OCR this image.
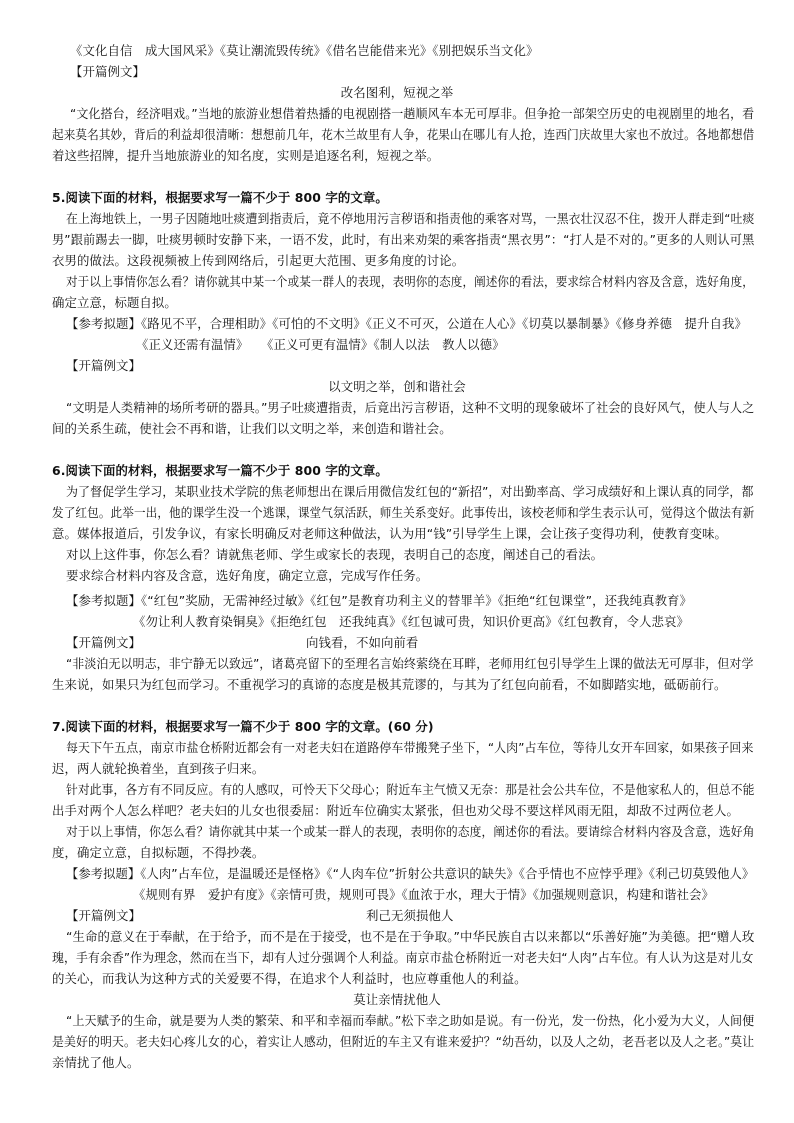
《文化自信　成大国风采》《莫让潮流毁传统》《借名岂能借来光》《别把娱乐当文化》
【开篇例文】
改名图利，短视之举
“文化搭台，经济唱戏。”当地的旅游业想借着热播的电视剧搭一趟顺风车本无可厚非。但争抢一部架空历史的电视剧里的地名，看
起来莫名其妙，背后的利益却很清晰：想想前几年，花木兰故里有人争，花果山在哪儿有人抢，连西门庆故里大家也不放过。各地都想借
着这些招牌，提升当地旅游业的知名度，实则是追逐名利，短视之举。
5.阅读下面的材料，根据要求写一篇不少于 800 字的文章。
在上海地铁上，一男子因随地吐痰遭到指责后，竟不停地用污言秽语和指责他的乘客对骂，一黑衣壮汉忍不住，拨开人群走到“吐痰
男”跟前踢去一脚，吐痰男顿时安静下来，一语不发，此时，有出来劝架的乘客指责“黑衣男”：“打人是不对的。”更多的人则认可黑
衣男的做法。这段视频被上传到网络后，引起更大范围、更多角度的讨论。
对于以上事情你怎么看？请你就其中某一个或某一群人的表现，表明你的态度，阐述你的看法，要求综合材料内容及含意，选好角度，
确定立意，标题自拟。
【参考拟题】《路见不平，合理相助》《可怕的不文明》《正义不可灭，公道在人心》《切莫以暴制暴》《修身养德　提升自我》
《正义还需有温情》　　《正义可更有温情》《制人以法　教人以德》
【开篇例文】
以文明之举，创和谐社会
“文明是人类精神的场所考研的器具。”男子吐痰遭指责，后竟出污言秽语，这种不文明的现象破坏了社会的良好风气，使人与人之
间的关系生疏，使社会不再和谐，让我们以文明之举，来创造和谐社会。
6.阅读下面的材料，根据要求写一篇不少于 800 字的文章。
为了督促学生学习，某职业技术学院的焦老师想出在课后用微信发红包的“新招”，对出勤率高、学习成绩好和上课认真的同学，都
发了红包。此举一出，他的课学生没一个逃课，课堂气氛活跃，师生关系变好。此事传出，该校老师和学生表示认可，觉得这个做法有新
意。媒体报道后，引发争议，有家长明确反对老师这种做法，认为用“钱”引导学生上课，会让孩子变得功利，使教育变味。
对以上这件事，你怎么看？请就焦老师、学生或家长的表现，表明自己的态度，阐述自己的看法。
要求综合材料内容及含意，选好角度，确定立意，完成写作任务。
【参考拟题】《“红包”奖励，无需神经过敏》《红包”是教育功利主义的替罪羊》《拒绝“红包课堂”，还我纯真教育》
《勿让利人教育染铜臭》《拒绝红包　还我纯真》《红包诚可贵，知识价更高》《红包教育，令人悲哀》
【开篇例文】	向钱看，不如向前看
“非淡泊无以明志，非宁静无以致远”，诸葛亮留下的至理名言始终萦绕在耳畔，老师用红包引导学生上课的做法无可厚非，但对学
生来说，如果只为红包而学习。不重视学习的真谛的态度是极其荒谬的，与其为了红包向前看，不如脚踏实地，砥砺前行。
7.阅读下面的材料，根据要求写一篇不少于 800 字的文章。(60 分)
每天下午五点，南京市盐仓桥附近都会有一对老夫妇在道路停车带搬凳子坐下，“人肉”占车位，等待儿女开车回家，如果孩子回来
迟，两人就轮换着坐，直到孩子归来。
针对此事，各方有不同反应。有的人感叹，可怜天下父母心；附近车主气愤又无奈：那是社会公共车位，不是他家私人的，但总不能
出手对两个人怎么样吧？老夫妇的儿女也很委屈：附近车位确实太紧张，但也劝父母不要这样风雨无阻，却敌不过两位老人。
对于以上事情，你怎么看？请你就其中某一个或某一群人的表现，表明你的态度，阐述你的看法。要请综合材料内容及含意，选好角
度，确定立意，自拟标题，不得抄袭。
【参考拟题】《人肉”占车位，是温暖还是怪格》《“人肉车位”折射公共意识的缺失》《合乎情也不应悖乎理》《利己切莫毁他人》
《规则有界　爱护有度》《亲情可贵，规则可畏》《血浓于水，理大于情》《加强规则意识，构建和谐社会》
【开篇例文】	利己无须损他人
“生命的意义在于奉献，在于给予，而不是在于接受，也不是在于争取。”中华民族自古以来都以“乐善好施”为美德。把“赠人玫
瑰，手有余香”作为理念，然而在当下，却有人过分强调个人利益。南京市盐仓桥附近一对老夫妇“人肉”占车位。有人认为这是对儿女
的关心，而我认为这种方式的关爱要不得，在追求个人利益时，也应尊重他人的利益。
莫让亲情扰他人
“上天赋予的生命，就是要为人类的繁荣、和平和幸福而奉献。”松下幸之助如是说。有一份光，发一份热，化小爱为大义，人间便
是美好的明天。老夫妇心疼儿女的心，着实让人感动，但附近的车主又有谁来爱护？“幼吾幼，以及人之幼，老吾老以及人之老。”莫让
亲情扰了他人。
